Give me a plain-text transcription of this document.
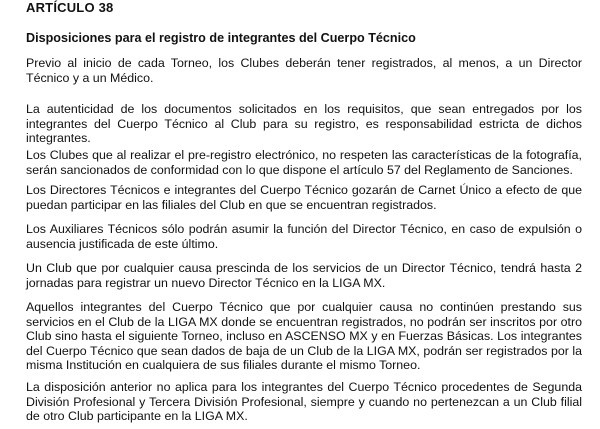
ARTÍCULO 38
Disposiciones para el registro de integrantes del Cuerpo Técnico

Previo al inicio de cada Torneo, los Clubes deberán tener registrados, al menos, a un Director Técnico y a un Médico.

La autenticidad de los documentos solicitados en los requisitos, que sean entregados por los integrantes del Cuerpo Técnico al Club para su registro, es responsabilidad estricta de dichos integrantes.

Los Clubes que al realizar el pre-registro electrónico, no respeten las características de la fotografía, serán sancionados de conformidad con lo que dispone el artículo 57 del Reglamento de Sanciones.

Los Directores Técnicos e integrantes del Cuerpo Técnico gozarán de Carnet Único a efecto de que puedan participar en las filiales del Club en que se encuentran registrados.

Los Auxiliares Técnicos sólo podrán asumir la función del Director Técnico, en caso de expulsión o ausencia justificada de este último.

Un Club que por cualquier causa prescinda de los servicios de un Director Técnico, tendrá hasta 2 jornadas para registrar un nuevo Director Técnico en la LIGA MX.

Aquellos integrantes del Cuerpo Técnico que por cualquier causa no continúen prestando sus servicios en el Club de la LIGA MX donde se encuentran registrados, no podrán ser inscritos por otro Club sino hasta el siguiente Torneo, incluso en ASCENSO MX y en Fuerzas Básicas. Los integrantes del Cuerpo Técnico que sean dados de baja de un Club de la LIGA MX, podrán ser registrados por la misma Institución en cualquiera de sus filiales durante el mismo Torneo.

La disposición anterior no aplica para los integrantes del Cuerpo Técnico procedentes de Segunda División Profesional y Tercera División Profesional, siempre y cuando no pertenezcan a un Club filial de otro Club participante en la LIGA MX.
